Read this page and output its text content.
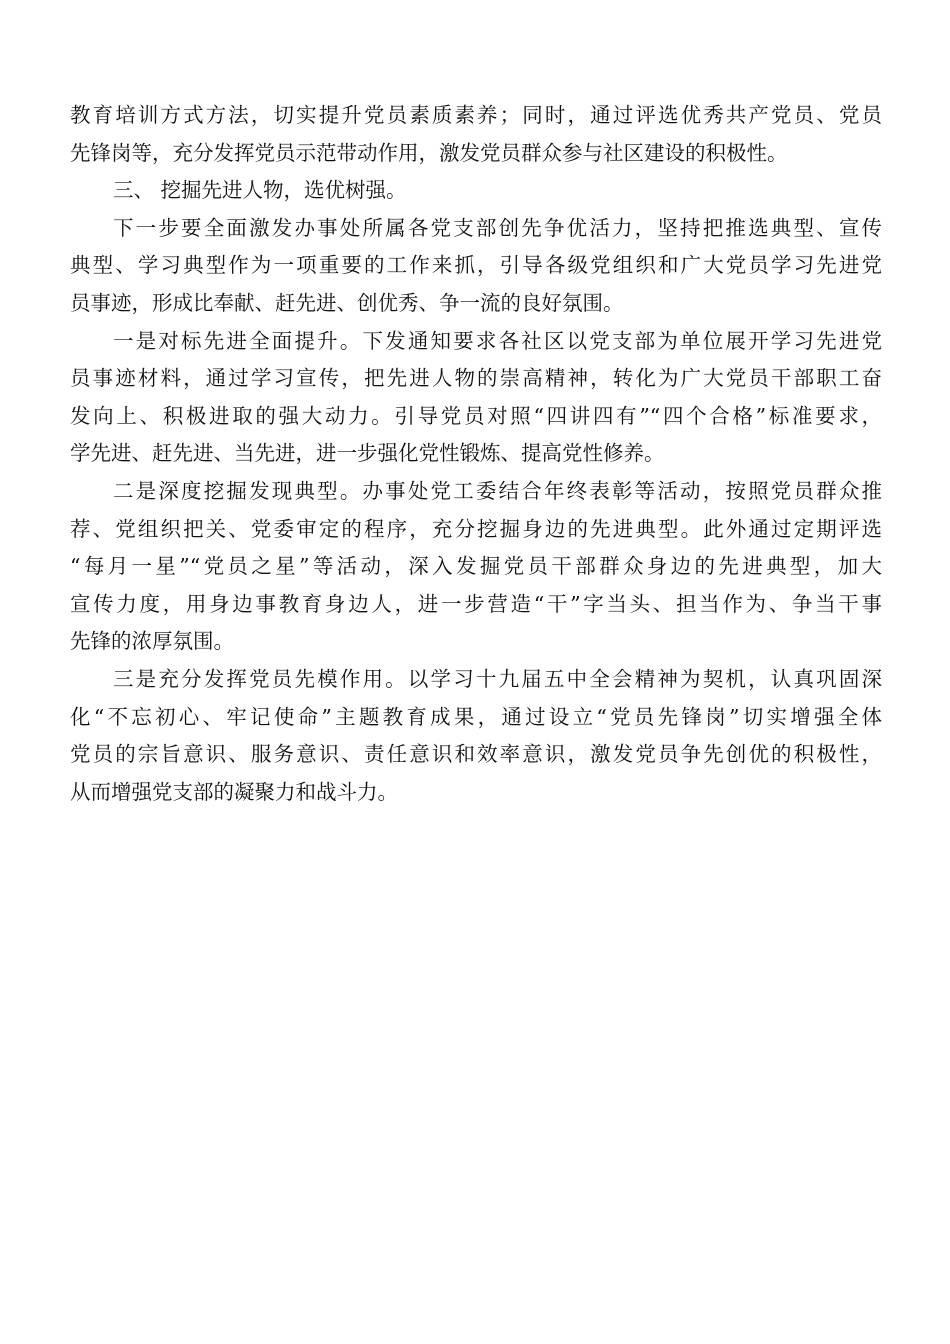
教育培训方式方法，切实提升党员素质素养；同时，通过评选优秀共产党员、党员
先锋岗等，充分发挥党员示范带动作用，激发党员群众参与社区建设的积极性。
三、 挖掘先进人物，选优树强。
下一步要全面激发办事处所属各党支部创先争优活力，坚持把推选典型、宣传
典型、学习典型作为一项重要的工作来抓，引导各级党组织和广大党员学习先进党
员事迹，形成比奉献、赶先进、创优秀、争一流的良好氛围。
一是对标先进全面提升。下发通知要求各社区以党支部为单位展开学习先进党
员事迹材料，通过学习宣传，把先进人物的崇高精神，转化为广大党员干部职工奋
发向上、积极进取的强大动力。引导党员对照“四讲四有”“四个合格”标准要求，
学先进、赶先进、当先进，进一步强化党性锻炼、提高党性修养。
二是深度挖掘发现典型。办事处党工委结合年终表彰等活动，按照党员群众推
荐、党组织把关、党委审定的程序，充分挖掘身边的先进典型。此外通过定期评选
“每月一星”“党员之星”等活动，深入发掘党员干部群众身边的先进典型，加大
宣传力度，用身边事教育身边人，进一步营造“干”字当头、担当作为、争当干事
先锋的浓厚氛围。
三是充分发挥党员先模作用。以学习十九届五中全会精神为契机，认真巩固深
化“不忘初心、牢记使命”主题教育成果，通过设立“党员先锋岗”切实增强全体
党员的宗旨意识、服务意识、责任意识和效率意识，激发党员争先创优的积极性，
从而增强党支部的凝聚力和战斗力。
